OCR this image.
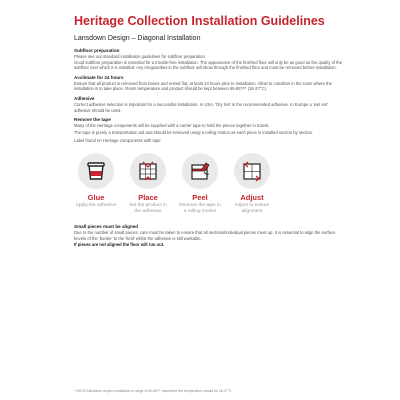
Heritage Collection Installation Guidelines
Lansdown Design – Diagonal Installation
Subfloor preparation

Please see our standard installation guidelines for subfloor preparation.

Good subfloor preparation is essential for a trouble-free installation. The appearance of the finished floor will only be as good as the quality of the subfloor over which it is installed. Any irregularities in the subfloor will show through the finished floor and must be removed before installation.

Acclimate for 24 hours

Ensure that all product is removed from boxes and rested flat, at least 24 hours prior to installation. Allow to condition in the room where the installation is to take place. Room temperature and product should be kept between 65-85°F* (18-27°C).

Adhesive

Correct adhesive selection is important for a successful installation. In USA, 'Dry Set' is the recommended adhesive. In Europe a 'wet set' adhesive should be used.

Remove the tape

Many of the Heritage components will be supplied with a carrier tape to hold the pieces together in transit.

The tape is purely a transportation aid and should be removed using a rolling motion as each piece is installed section by section.

Label found on Heritage components with tape

Glue
Apply the adhesive
Place
Set the product in the adhesive
Peel
Remove the tape in a rolling motion
Adjust
Adjust to ensure alignment
Small pieces must be aligned

Due to the number of small pieces, care must be taken to ensure that all sections/individual pieces meet up. It is essential to align the surface bevels of the 'border' to the 'field' whilst the adhesive is still workable.

If pieces are not aligned the floor will run out.

* ASTM Standards require installation in range of 65-85°F, elsewhere the temperature should be 18-27°C.
